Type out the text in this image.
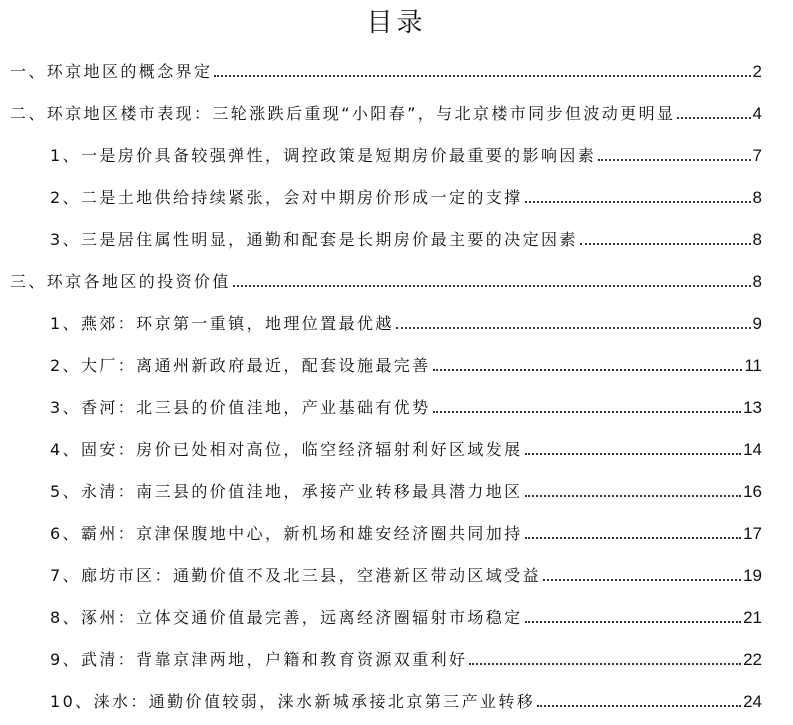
目录
一、环京地区的概念界定	2
二、环京地区楼市表现：三轮涨跌后重现“小阳春”，与北京楼市同步但波动更明显	4
1、一是房价具备较强弹性，调控政策是短期房价最重要的影响因素	7
2、二是土地供给持续紧张，会对中期房价形成一定的支撑	8
3、三是居住属性明显，通勤和配套是长期房价最主要的决定因素	8
三、环京各地区的投资价值	8
1、燕郊：环京第一重镇，地理位置最优越	9
2、大厂：离通州新政府最近，配套设施最完善	11
3、香河：北三县的价值洼地，产业基础有优势	13
4、固安：房价已处相对高位，临空经济辐射利好区域发展	14
5、永清：南三县的价值洼地，承接产业转移最具潜力地区	16
6、霸州：京津保腹地中心，新机场和雄安经济圈共同加持	17
7、廊坊市区：通勤价值不及北三县，空港新区带动区域受益	19
8、涿州：立体交通价值最完善，远离经济圈辐射市场稳定	21
9、武清：背靠京津两地，户籍和教育资源双重利好	22
10、涞水：通勤价值较弱，涞水新城承接北京第三产业转移	24
